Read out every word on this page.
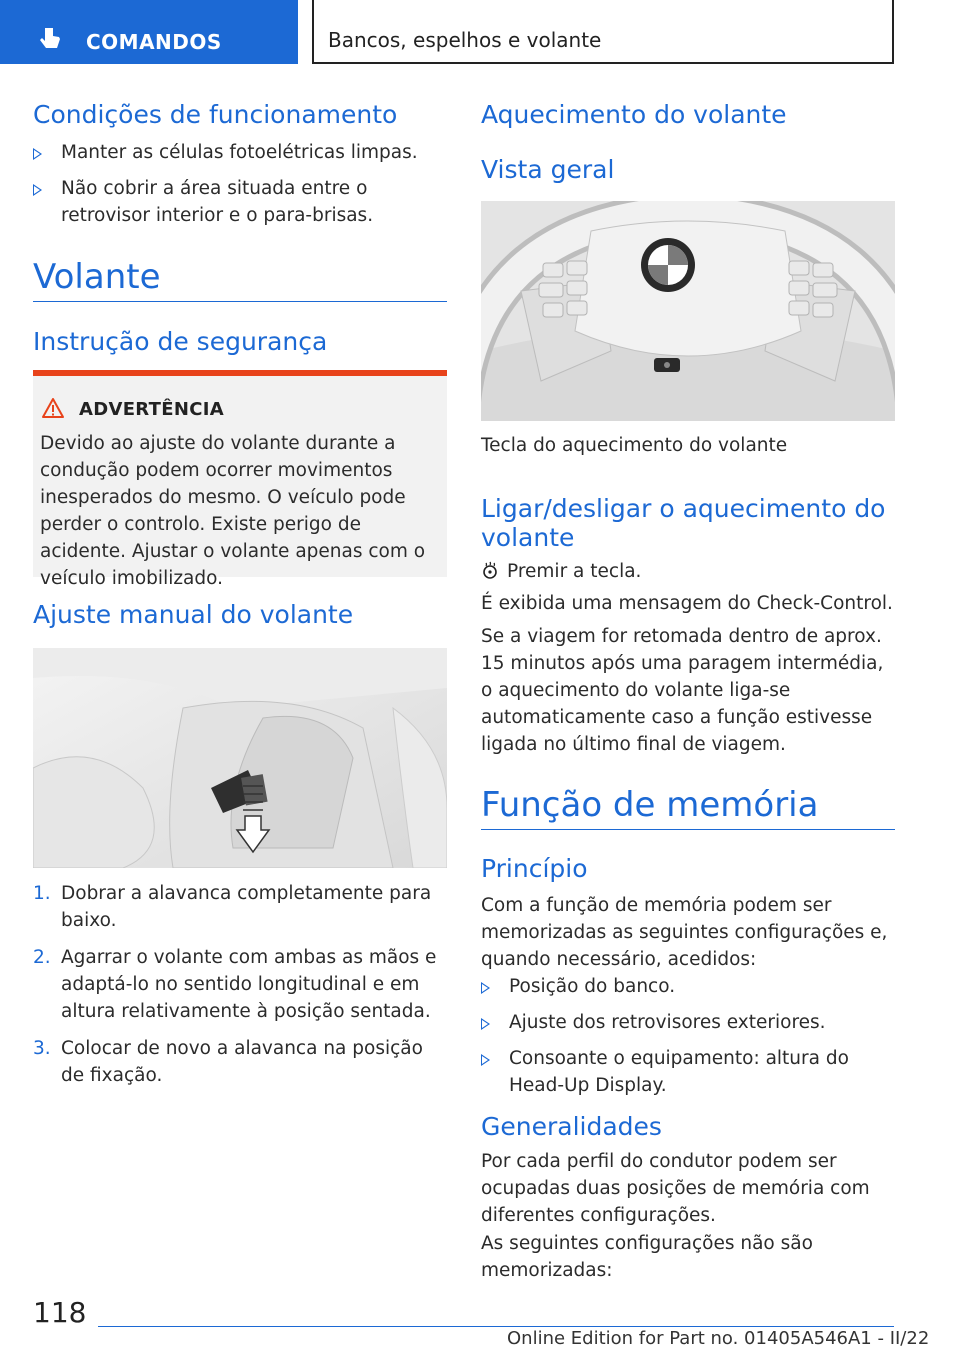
COMANDOS	Bancos, espelhos e volante
Condições de funcionamento
Manter as células fotoelétricas limpas.
Não cobrir a área situada entre o retrovisor interior e o para-brisas.
Volante
Instrução de segurança
Ajuste manual do volante
1. Dobrar a alavanca completamente para baixo.
2. Agarrar o volante com ambas as mãos e adaptá-lo no sentido longitudinal e em altura relativamente à posição sentada.
3. Colocar de novo a alavanca na posição de fixação.
ADVERTÊNCIA
Devido ao ajuste do volante durante a condução podem ocorrer movimentos inesperados do mesmo. O veículo pode perder o controlo. Existe perigo de acidente. Ajustar o volante apenas com o veículo imobilizado.
Aquecimento do volante
Vista geral

Tecla do aquecimento do volante

Ligar/desligar o aquecimento do volante

Premir a tecla.

É exibida uma mensagem do Check-Control.

Se a viagem for retomada dentro de aprox. 15 minutos após uma paragem intermédia, o aquecimento do volante liga-se automaticamente caso a função estivesse ligada no último final de viagem.

Função de memória
Princípio

Com a função de memória podem ser memorizadas as seguintes configurações e, quando necessário, acedidos:

Posição do banco.
Ajuste dos retrovisores exteriores.
Consoante o equipamento: altura do Head-Up Display.
Generalidades

Por cada perfil do condutor podem ser ocupadas duas posições de memória com diferentes configurações.

As seguintes configurações não são memorizadas:

118
Online Edition for Part no. 01405A546A1 - II/22
